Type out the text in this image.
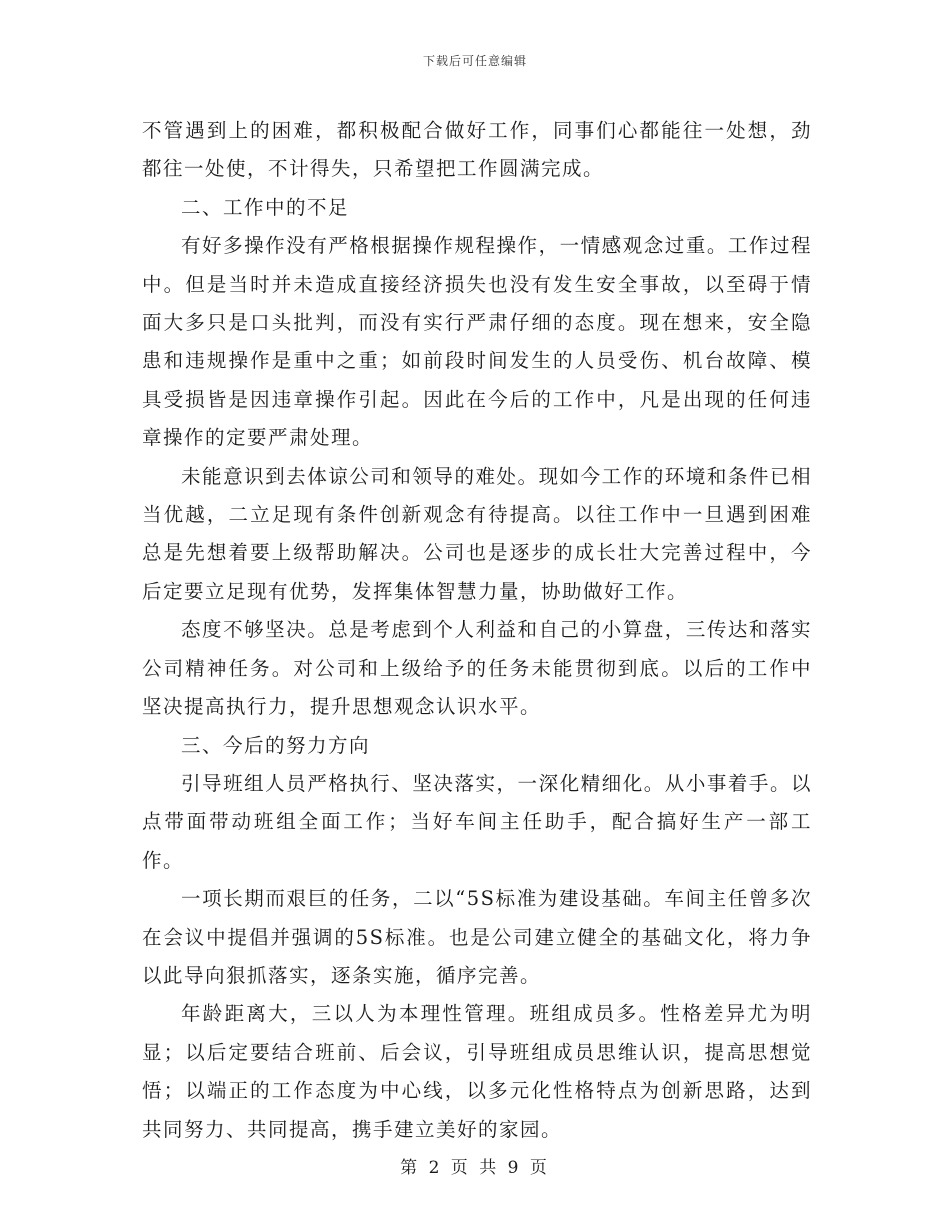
下载后可任意编辑

不管遇到上的困难，都积极配合做好工作，同事们心都能往一处想，劲都往一处使，不计得失，只希望把工作圆满完成。

二、工作中的不足

有好多操作没有严格根据操作规程操作，一情感观念过重。工作过程中。但是当时并未造成直接经济损失也没有发生安全事故，以至碍于情面大多只是口头批判，而没有实行严肃仔细的态度。现在想来，安全隐患和违规操作是重中之重；如前段时间发生的人员受伤、机台故障、模具受损皆是因违章操作引起。因此在今后的工作中，凡是出现的任何违章操作的定要严肃处理。

未能意识到去体谅公司和领导的难处。现如今工作的环境和条件已相当优越，二立足现有条件创新观念有待提高。以往工作中一旦遇到困难总是先想着要上级帮助解决。公司也是逐步的成长壮大完善过程中，今后定要立足现有优势，发挥集体智慧力量，协助做好工作。

态度不够坚决。总是考虑到个人利益和自己的小算盘，三传达和落实公司精神任务。对公司和上级给予的任务未能贯彻到底。以后的工作中坚决提高执行力，提升思想观念认识水平。

三、今后的努力方向

引导班组人员严格执行、坚决落实，一深化精细化。从小事着手。以点带面带动班组全面工作；当好车间主任助手，配合搞好生产一部工作。

一项长期而艰巨的任务，二以“5S标准为建设基础。车间主任曾多次在会议中提倡并强调的5S标准。也是公司建立健全的基础文化，将力争以此导向狠抓落实，逐条实施，循序完善。

年龄距离大，三以人为本理性管理。班组成员多。性格差异尤为明显；以后定要结合班前、后会议，引导班组成员思维认识，提高思想觉悟；以端正的工作态度为中心线，以多元化性格特点为创新思路，达到共同努力、共同提高，携手建立美好的家园。

第 2 页 共 9 页
